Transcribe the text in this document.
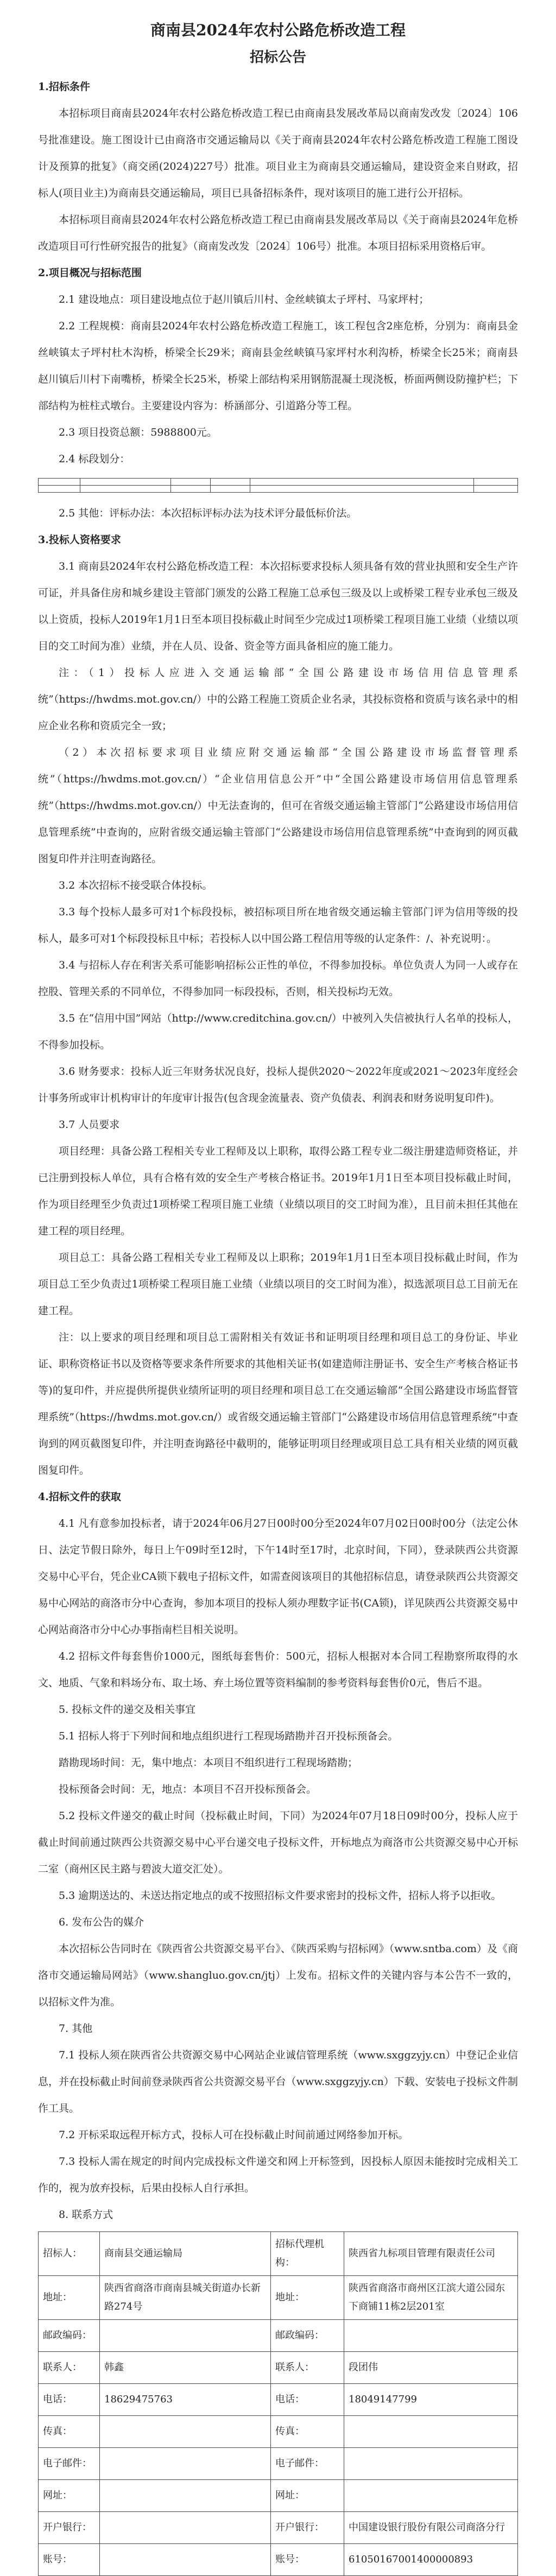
商南县2024年农村公路危桥改造工程
招标公告
1.招标条件
本招标项目商南县2024年农村公路危桥改造工程已由商南县发展改革局以商南发改发〔2024〕106号批准建设。施工图设计已由商洛市交通运输局以《关于商南县2024年农村公路危桥改造工程施工图设计及预算的批复》（商交函(2024)227号）批准。项目业主为商南县交通运输局，建设资金来自财政，招标人(项目业主)为商南县交通运输局，项目已具备招标条件，现对该项目的施工进行公开招标。
本招标项目商南县2024年农村公路危桥改造工程已由商南县发展改革局以《关于商南县2024年危桥改造项目可行性研究报告的批复》（商南发改发〔2024〕106号）批准。本项目招标采用资格后审。
2.项目概况与招标范围
2.1 建设地点：项目建设地点位于赵川镇后川村、金丝峡镇太子坪村、马家坪村；
2.2 工程规模：商南县2024年农村公路危桥改造工程施工，该工程包含2座危桥，分别为：商南县金丝峡镇太子坪村杜木沟桥，桥梁全长29米；商南县金丝峡镇马家坪村水利沟桥，桥梁全长25米；商南县赵川镇后川村下南嘴桥，桥梁全长25米，桥梁上部结构采用钢筋混凝土现浇板，桥面两侧设防撞护栏；下部结构为桩柱式墩台。主要建设内容为：桥涵部分、引道路分等工程。
2.3 项目投资总额：5988800元。
2.4 标段划分：

2.5 其他：评标办法：本次招标评标办法为技术评分最低标价法。
3.投标人资格要求
3.1 商南县2024年农村公路危桥改造工程：本次招标要求投标人须具备有效的营业执照和安全生产许可证，并具备住房和城乡建设主管部门颁发的公路工程施工总承包三级及以上或桥梁工程专业承包三级及以上资质，投标人2019年1月1日至本项目投标截止时间至少完成过1项桥梁工程项目施工业绩（业绩以项目的交工时间为准）业绩，并在人员、设备、资金等方面具备相应的施工能力。
注：（1）投标人应进入交通运输部“全国公路建设市场信用信息管理系统”（https://hwdms.mot.gov.cn/）中的公路工程施工资质企业名录，其投标资格和资质与该名录中的相应企业名称和资质完全一致；
（2）本次招标要求项目业绩应附交通运输部“全国公路建设市场监督管理系统”（https://hwdms.mot.gov.cn/）“企业信用信息公开”中“全国公路建设市场信用信息管理系统”（https://hwdms.mot.gov.cn/）中无法查询的，但可在省级交通运输主管部门“公路建设市场信用信息管理系统”中查询的，应附省级交通运输主管部门“公路建设市场信用信息管理系统”中查询到的网页截图复印件并注明查询路径。
3.2 本次招标不接受联合体投标。
3.3 每个投标人最多可对1个标段投标，被招标项目所在地省级交通运输主管部门评为信用等级的投标人，最多可对1个标段投标且中标；若投标人以中国公路工程信用等级的认定条件：/、补充说明：。
3.4 与招标人存在利害关系可能影响招标公正性的单位，不得参加投标。单位负责人为同一人或存在控股、管理关系的不同单位，不得参加同一标段投标，否则，相关投标均无效。
3.5 在“信用中国”网站（http://www.creditchina.gov.cn/）中被列入失信被执行人名单的投标人，不得参加投标。
3.6 财务要求：投标人近三年财务状况良好，投标人提供2020～2022年度或2021～2023年度经会计事务所或审计机构审计的年度审计报告(包含现金流量表、资产负债表、利润表和财务说明复印件)。
3.7 人员要求
项目经理：具备公路工程相关专业工程师及以上职称，取得公路工程专业二级注册建造师资格证，并已注册到投标人单位，具有合格有效的安全生产考核合格证书。2019年1月1日至本项目投标截止时间，作为项目经理至少负责过1项桥梁工程项目施工业绩（业绩以项目的交工时间为准），且目前未担任其他在建工程的项目经理。
项目总工：具备公路工程相关专业工程师及以上职称；2019年1月1日至本项目投标截止时间，作为项目总工至少负责过1项桥梁工程项目施工业绩（业绩以项目的交工时间为准），拟选派项目总工目前无在建工程。
注：以上要求的项目经理和项目总工需附相关有效证书和证明项目经理和项目总工的身份证、毕业证、职称资格证书以及资格等要求条件所要求的其他相关证书(如建造师注册证书、安全生产考核合格证书等)的复印件，并应提供所提供业绩所证明的项目经理和项目总工在交通运输部“全国公路建设市场监督管理系统”（https://hwdms.mot.gov.cn/）或省级交通运输主管部门“公路建设市场信用信息管理系统”中查询到的网页截图复印件，并注明查询路径中截明的，能够证明项目经理或项目总工具有相关业绩的网页截图复印件。
4.招标文件的获取
4.1 凡有意参加投标者，请于2024年06月27日00时00分至2024年07月02日00时00分（法定公休日、法定节假日除外，每日上午09时至12时，下午14时至17时，北京时间，下同），登录陕西公共资源交易中心平台，凭企业CA锁下载电子招标文件，如需查阅该项目的其他招标信息，请登录陕西公共资源交易中心网站的商洛市分中心查询，参加本项目的投标人须办理数字证书(CA锁)，详见陕西公共资源交易中心网站商洛市分中心办事指南栏目相关说明。
4.2 招标文件每套售价1000元，图纸每套售价：500元，招标人根据对本合同工程勘察所取得的水文、地质、气象和料场分布、取土场、弃土场位置等资料编制的参考资料每套售价0元，售后不退。
5. 投标文件的递交及相关事宜
5.1 招标人将于下列时间和地点组织进行工程现场踏勘并召开投标预备会。
踏勘现场时间：无，集中地点：本项目不组织进行工程现场踏勘；
投标预备会时间：无，地点：本项目不召开投标预备会。
5.2 投标文件递交的截止时间（投标截止时间，下同）为2024年07月18日09时00分，投标人应于截止时间前通过陕西公共资源交易中心平台递交电子投标文件，开标地点为商洛市公共资源交易中心开标二室（商州区民主路与碧波大道交汇处）。
5.3 逾期送达的、未送达指定地点的或不按照招标文件要求密封的投标文件，招标人将予以拒收。
6. 发布公告的媒介
本次招标公告同时在《陕西省公共资源交易平台》、《陕西采购与招标网》（www.sntba.com）及《商洛市交通运输局网站》（www.shangluo.gov.cn/jtj）上发布。招标文件的关键内容与本公告不一致的，以招标文件为准。
7. 其他
7.1 投标人须在陕西省公共资源交易中心网站企业诚信管理系统（www.sxggzyjy.cn）中登记企业信息，并在投标截止时间前登录陕西省公共资源交易平台（www.sxggzyjy.cn）下载、安装电子投标文件制作工具。
7.2 开标采取远程开标方式，投标人可在投标截止时间前通过网络参加开标。
7.3 投标人需在规定的时间内完成投标文件递交和网上开标签到，因投标人原因未能按时完成相关工作的，视为放弃投标，后果由投标人自行承担。
8. 联系方式
招标人：	商南县交通运输局	招标代理机构：	陕西省九标项目管理有限责任公司
地址：	陕西省商洛市商南县城关街道办长新路274号	地址：	陕西省商洛市商州区江滨大道公园东下商铺11栋2层201室
邮政编码：		邮政编码：	
联系人：	韩鑫	联系人：	段团伟
电话：	18629475763	电话：	18049147799
传真：		传真：	
电子邮件：		电子邮件：	
网址：		网址：	
开户银行：		开户银行：	中国建设银行股份有限公司商洛分行
账号：		账号：	61050167001400000893
